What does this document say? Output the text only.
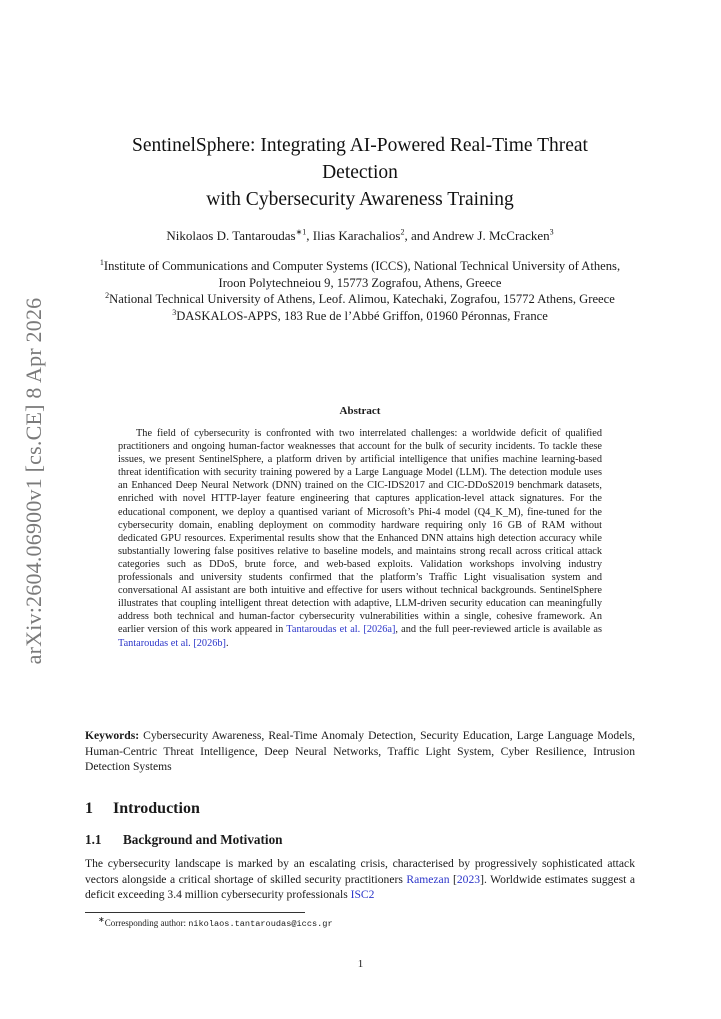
arXiv:2604.06900v1 [cs.CE] 8 Apr 2026
SentinelSphere: Integrating AI-Powered Real-Time Threat
Detection
with Cybersecurity Awareness Training
Nikolaos D. Tantaroudas$^{∗1}$, Ilias Karachalios$^2$, and Andrew J. McCracken$^3$
$^1$Institute of Communications and Computer Systems (ICCS), National Technical University of Athens, Iroon Polytechneiou 9, 15773 Zografou, Athens, Greece
$^2$National Technical University of Athens, Leof. Alimou, Katechaki, Zografou, 15772 Athens, Greece
$^3$DASKALOS-APPS, 183 Rue de l’Abbé Griffon, 01960 Péronnas, France
Abstract
The field of cybersecurity is confronted with two interrelated challenges: a worldwide deficit of qualified practitioners and ongoing human-factor weaknesses that account for the bulk of security incidents. To tackle these issues, we present SentinelSphere, a platform driven by artificial intelligence that unifies machine learning-based threat identification with security training powered by a Large Language Model (LLM). The detection module uses an Enhanced Deep Neural Network (DNN) trained on the CIC-IDS2017 and CIC-DDoS2019 benchmark datasets, enriched with novel HTTP-layer feature engineering that captures application-level attack signatures. For the educational component, we deploy a quantised variant of Microsoft’s Phi-4 model (Q4_K_M), fine-tuned for the cybersecurity domain, enabling deployment on commodity hardware requiring only 16 GB of RAM without dedicated GPU resources. Experimental results show that the Enhanced DNN attains high detection accuracy while substantially lowering false positives relative to baseline models, and maintains strong recall across critical attack categories such as DDoS, brute force, and web-based exploits. Validation workshops involving industry professionals and university students confirmed that the platform’s Traffic Light visualisation system and conversational AI assistant are both intuitive and effective for users without technical backgrounds. SentinelSphere illustrates that coupling intelligent threat detection with adaptive, LLM-driven security education can meaningfully address both technical and human-factor cybersecurity vulnerabilities within a single, cohesive framework. An earlier version of this work appeared in Tantaroudas et al. [2026a], and the full peer-reviewed article is available as Tantaroudas et al. [2026b].
Keywords: Cybersecurity Awareness, Real-Time Anomaly Detection, Security Education, Large Language Models, Human-Centric Threat Intelligence, Deep Neural Networks, Traffic Light System, Cyber Resilience, Intrusion Detection Systems
1 Introduction
1.1 Background and Motivation
The cybersecurity landscape is marked by an escalating crisis, characterised by progressively sophisticated attack vectors alongside a critical shortage of skilled security practitioners Ramezan [2023]. Worldwide estimates suggest a deficit exceeding 3.4 million cybersecurity professionals ISC2
∗Corresponding author: nikolaos.tantaroudas@iccs.gr
1
